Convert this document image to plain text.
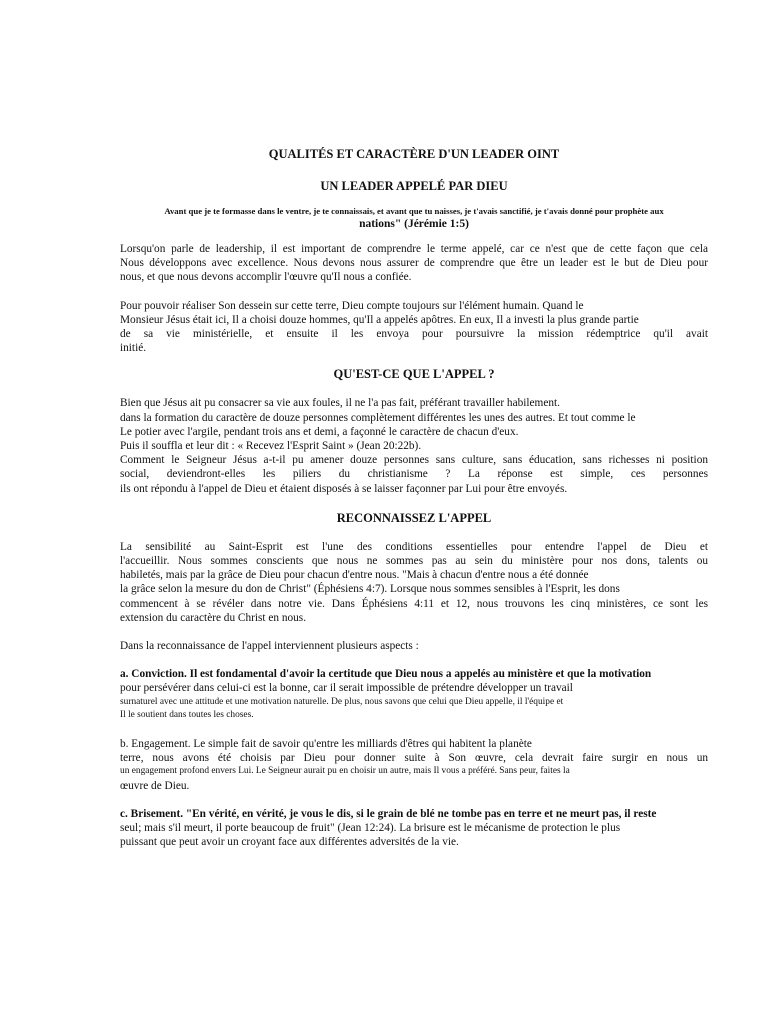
QUALITÉS ET CARACTÈRE D'UN LEADER OINT

UN LEADER APPELÉ PAR DIEU

Avant que je te formasse dans le ventre, je te connaissais, et avant que tu naisses, je t'avais sanctifié, je t'avais donné pour prophète aux
nations" (Jérémie 1:5)
Lorsqu'on parle de leadership, il est important de comprendre le terme appelé, car ce n'est que de cette façon que cela
Nous développons avec excellence. Nous devons nous assurer de comprendre que être un leader est le but de Dieu pour
nous, et que nous devons accomplir l'œuvre qu'Il nous a confiée.
Pour pouvoir réaliser Son dessein sur cette terre, Dieu compte toujours sur l'élément humain. Quand le
Monsieur Jésus était ici, Il a choisi douze hommes, qu'Il a appelés apôtres. En eux, Il a investi la plus grande partie
de sa vie ministérielle, et ensuite il les envoya pour poursuivre la mission rédemptrice qu'il avait
initié.

QU'EST-CE QUE L'APPEL ?

Bien que Jésus ait pu consacrer sa vie aux foules, il ne l'a pas fait, préférant travailler habilement.
dans la formation du caractère de douze personnes complètement différentes les unes des autres. Et tout comme le
Le potier avec l'argile, pendant trois ans et demi, a façonné le caractère de chacun d'eux.
Puis il souffla et leur dit : « Recevez l'Esprit Saint » (Jean 20:22b).
Comment le Seigneur Jésus a-t-il pu amener douze personnes sans culture, sans éducation, sans richesses ni position
social, deviendront-elles les piliers du christianisme ? La réponse est simple, ces personnes
ils ont répondu à l'appel de Dieu et étaient disposés à se laisser façonner par Lui pour être envoyés.

RECONNAISSEZ L'APPEL

La sensibilité au Saint-Esprit est l'une des conditions essentielles pour entendre l'appel de Dieu et
l'accueillir. Nous sommes conscients que nous ne sommes pas au sein du ministère pour nos dons, talents ou
habiletés, mais par la grâce de Dieu pour chacun d'entre nous. "Mais à chacun d'entre nous a été donnée
la grâce selon la mesure du don de Christ" (Éphésiens 4:7). Lorsque nous sommes sensibles à l'Esprit, les dons
commencent à se révéler dans notre vie. Dans Éphésiens 4:11 et 12, nous trouvons les cinq ministères, ce sont les
extension du caractère du Christ en nous.
Dans la reconnaissance de l'appel interviennent plusieurs aspects :
a. Conviction. Il est fondamental d'avoir la certitude que Dieu nous a appelés au ministère et que la motivation
pour persévérer dans celui-ci est la bonne, car il serait impossible de prétendre développer un travail
surnaturel avec une attitude et une motivation naturelle. De plus, nous savons que celui que Dieu appelle, il l'équipe et
Il le soutient dans toutes les choses.
b. Engagement. Le simple fait de savoir qu'entre les milliards d'êtres qui habitent la planète
terre, nous avons été choisis par Dieu pour donner suite à Son œuvre, cela devrait faire surgir en nous un
un engagement profond envers Lui. Le Seigneur aurait pu en choisir un autre, mais Il vous a préféré. Sans peur, faites la
œuvre de Dieu.
c. Brisement. "En vérité, en vérité, je vous le dis, si le grain de blé ne tombe pas en terre et ne meurt pas, il reste
seul; mais s'il meurt, il porte beaucoup de fruit" (Jean 12:24). La brisure est le mécanisme de protection le plus
puissant que peut avoir un croyant face aux différentes adversités de la vie.
